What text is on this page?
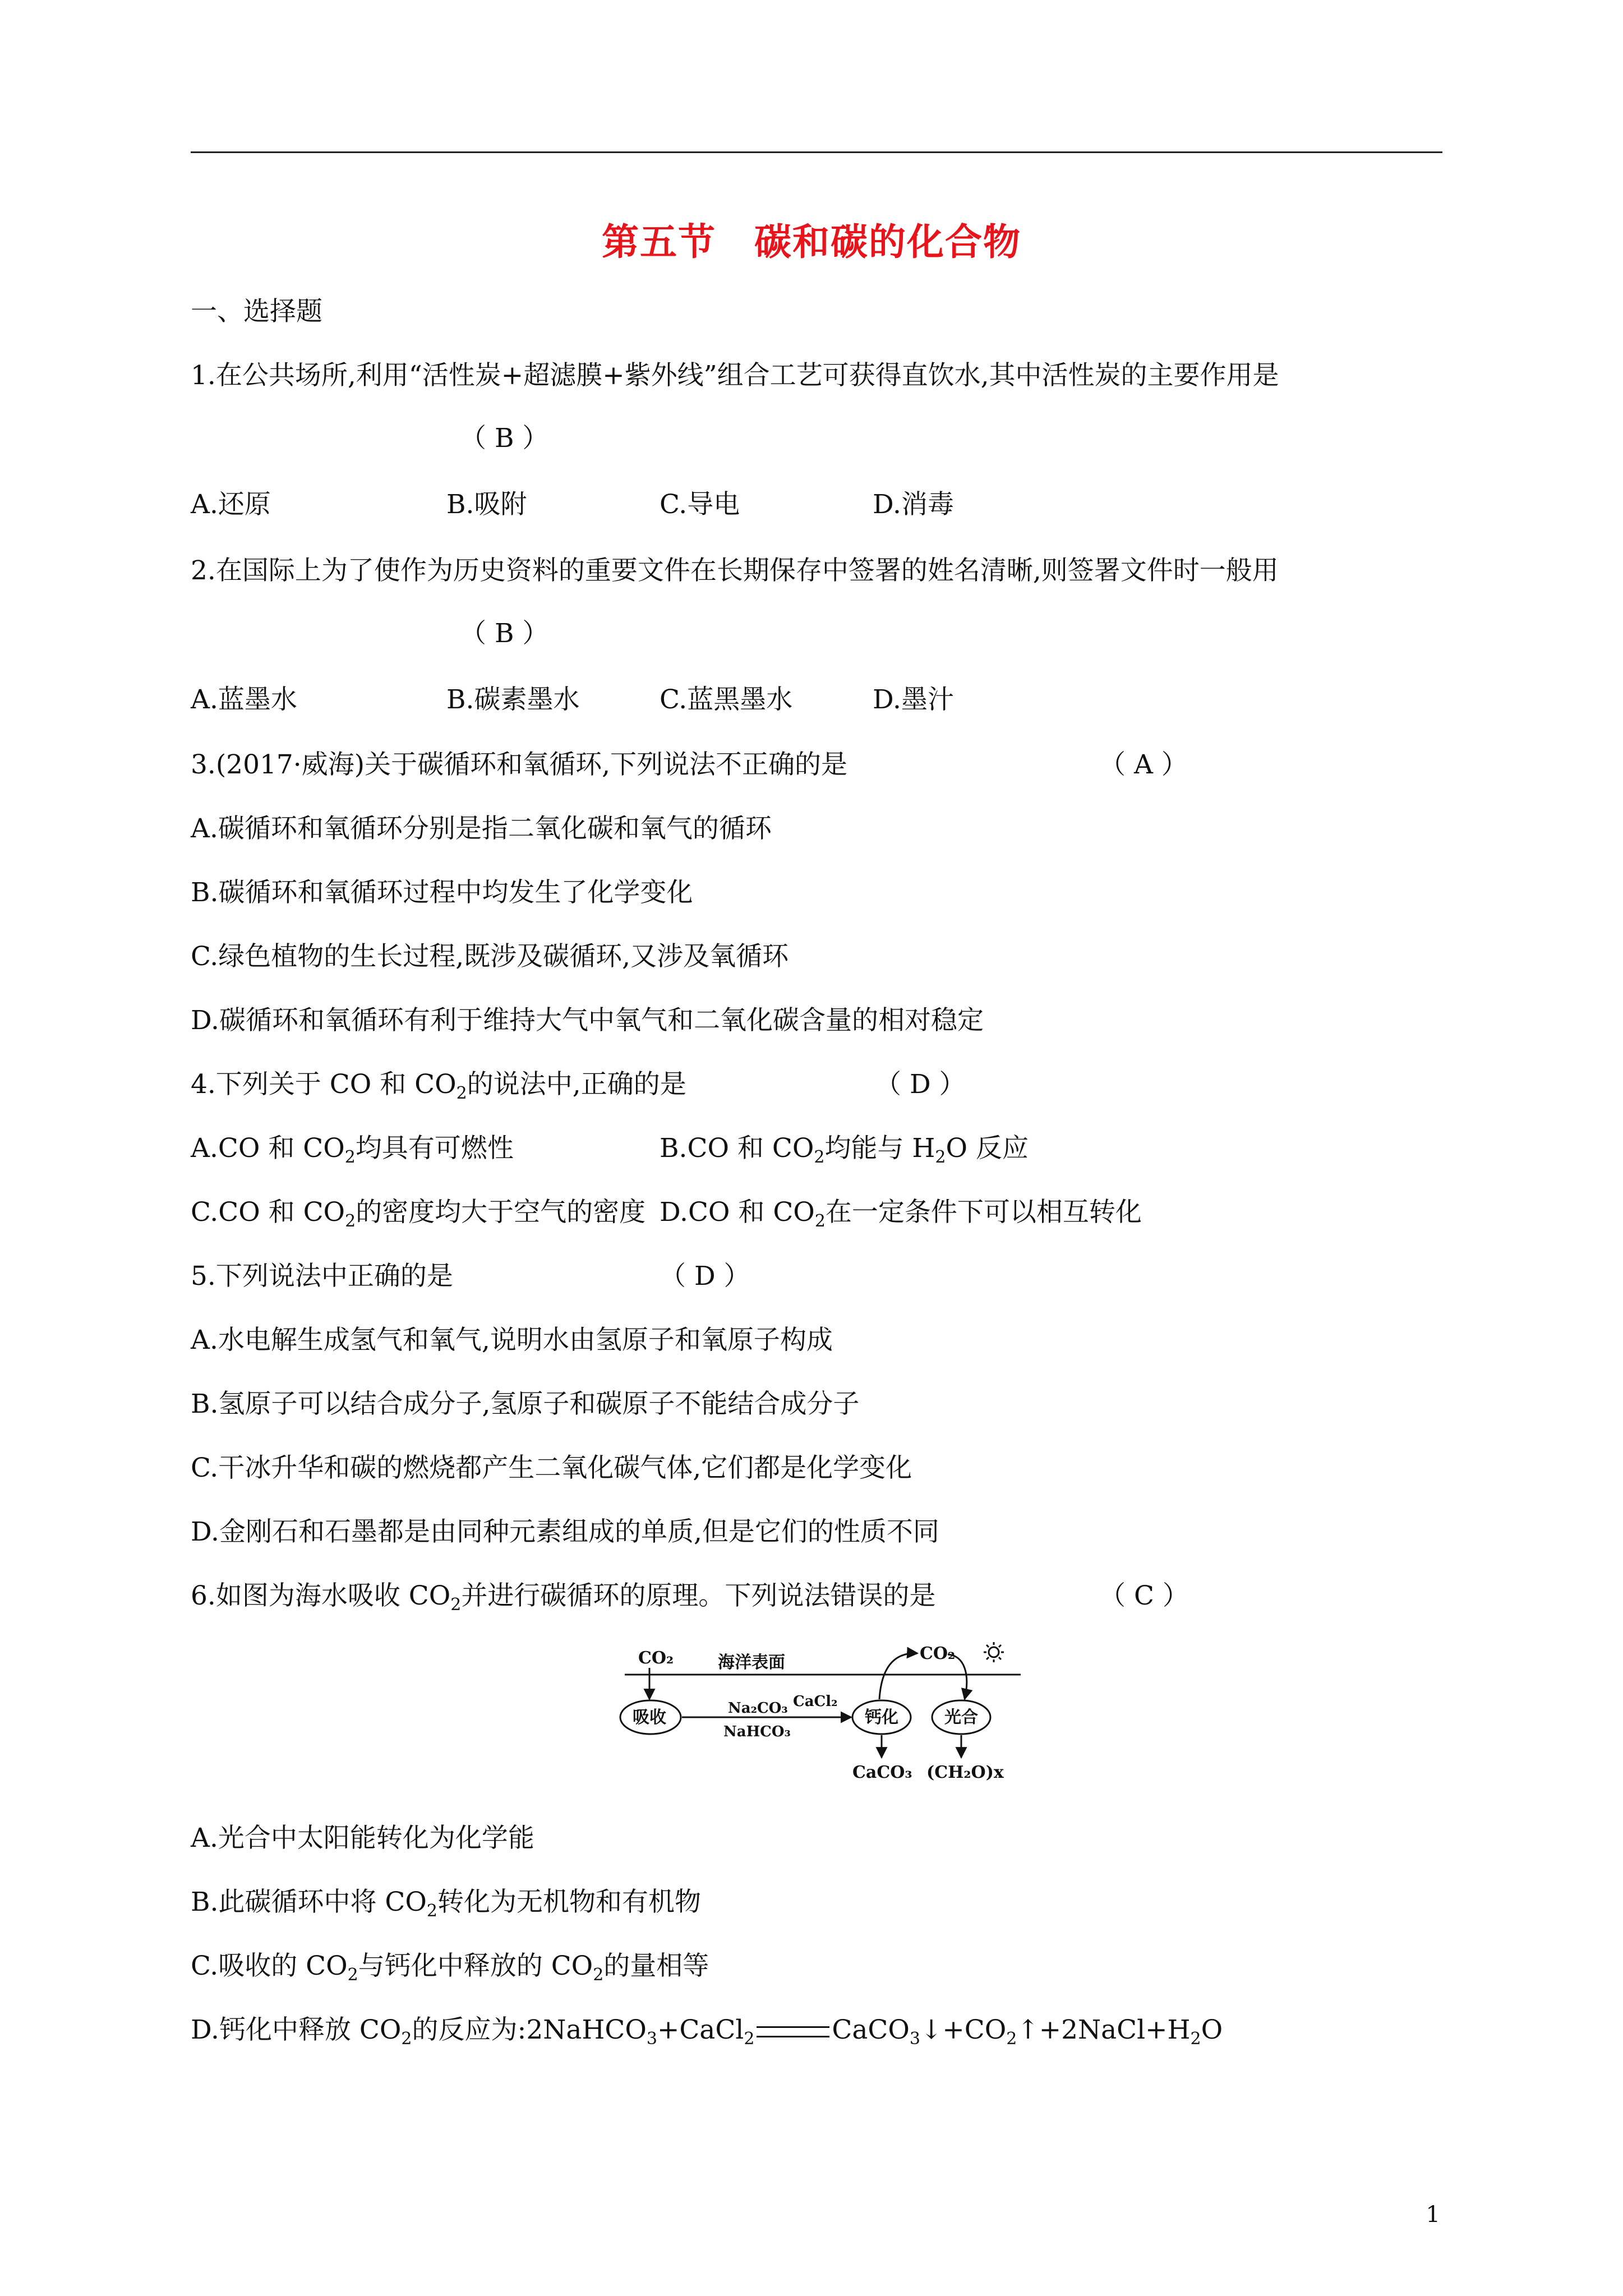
第五节　碳和碳的化合物
一、选择题
1.在公共场所,利用“活性炭+超滤膜+紫外线”组合工艺可获得直饮水,其中活性炭的主要作用是
（ B ）
A.还原	B.吸附	C.导电	D.消毒
2.在国际上为了使作为历史资料的重要文件在长期保存中签署的姓名清晰,则签署文件时一般用
（ B ）
A.蓝墨水	B.碳素墨水	C.蓝黑墨水	D.墨汁
3.(2017·威海)关于碳循环和氧循环,下列说法不正确的是	（ A ）
A.碳循环和氧循环分别是指二氧化碳和氧气的循环
B.碳循环和氧循环过程中均发生了化学变化
C.绿色植物的生长过程,既涉及碳循环,又涉及氧循环
D.碳循环和氧循环有利于维持大气中氧气和二氧化碳含量的相对稳定
4.下列关于 CO 和 $CO_2$的说法中,正确的是	（ D ）
A.CO 和 $CO_2$均具有可燃性	B.CO 和 $CO_2$均能与 $H_2O$ 反应
C.CO 和 $CO_2$的密度均大于空气的密度 D.CO 和 $CO_2$在一定条件下可以相互转化
5.下列说法中正确的是	（ D ）
A.水电解生成氢气和氧气,说明水由氢原子和氧原子构成
B.氢原子可以结合成分子,氢原子和碳原子不能结合成分子
C.干冰升华和碳的燃烧都产生二氧化碳气体,它们都是化学变化
D.金刚石和石墨都是由同种元素组成的单质,但是它们的性质不同
6.如图为海水吸收 $CO_2$并进行碳循环的原理。下列说法错误的是	（ C ）
CO₂	海洋表面
吸收	Na₂CO₃ CaCl₂
NaHCO₃
钙化	光合
CO₂
CaCO₃ (CH₂O)x
A.光合中太阳能转化为化学能
B.此碳循环中将 $CO_2$转化为无机物和有机物
C.吸收的 $CO_2$与钙化中释放的 $CO_2$的量相等
D.钙化中释放 $CO_2$的反应为:2NaHCO$_3$+CaCl$_2$	$CaCO_3↓+CO_2↑+2NaCl+H_2O$
1
